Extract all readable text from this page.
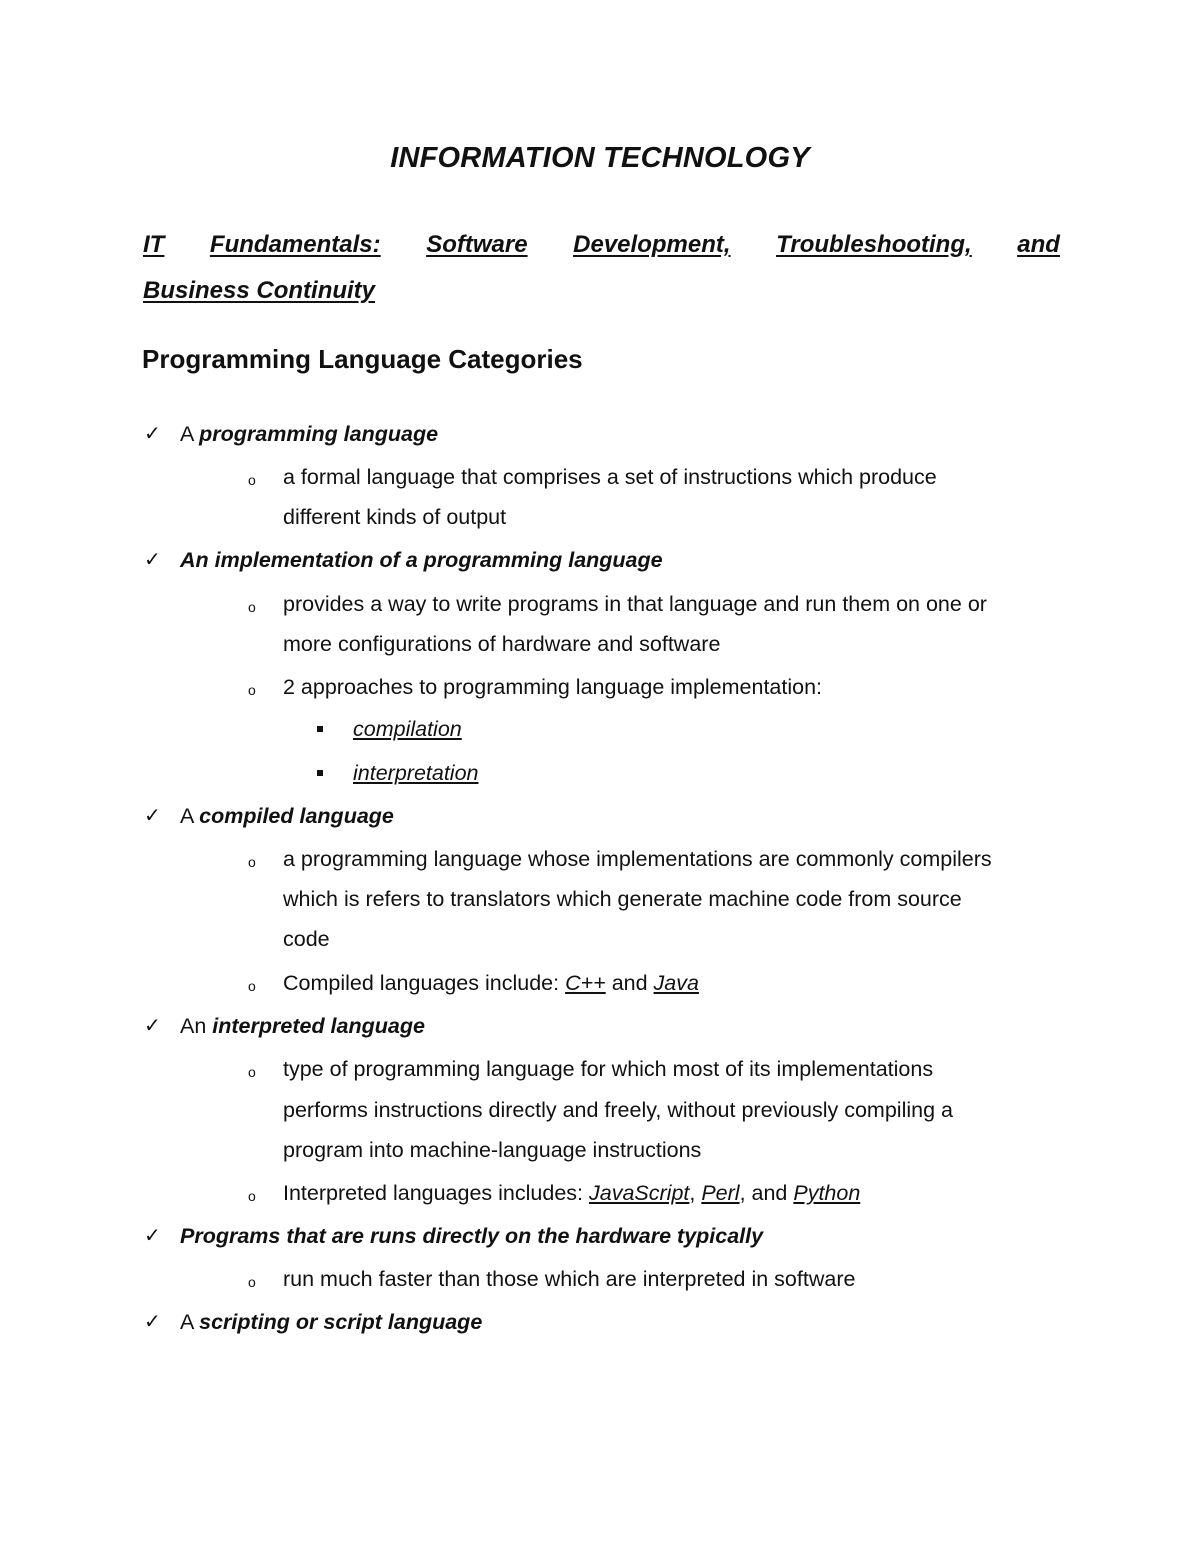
INFORMATION TECHNOLOGY
IT Fundamentals: Software Development, Troubleshooting, and
Business Continuity
Programming Language Categories
✓ A programming language
o a formal language that comprises a set of instructions which produce
different kinds of output
✓ An implementation of a programming language
o provides a way to write programs in that language and run them on one or
more configurations of hardware and software
o 2 approaches to programming language implementation:
compilation
interpretation
✓ A compiled language
o a programming language whose implementations are commonly compilers
which is refers to translators which generate machine code from source
code
o Compiled languages include: C++ and Java
✓ An interpreted language
o type of programming language for which most of its implementations
performs instructions directly and freely, without previously compiling a
program into machine-language instructions
o Interpreted languages includes: JavaScript, Perl, and Python
✓ Programs that are runs directly on the hardware typically
o run much faster than those which are interpreted in software
✓ A scripting or script language
